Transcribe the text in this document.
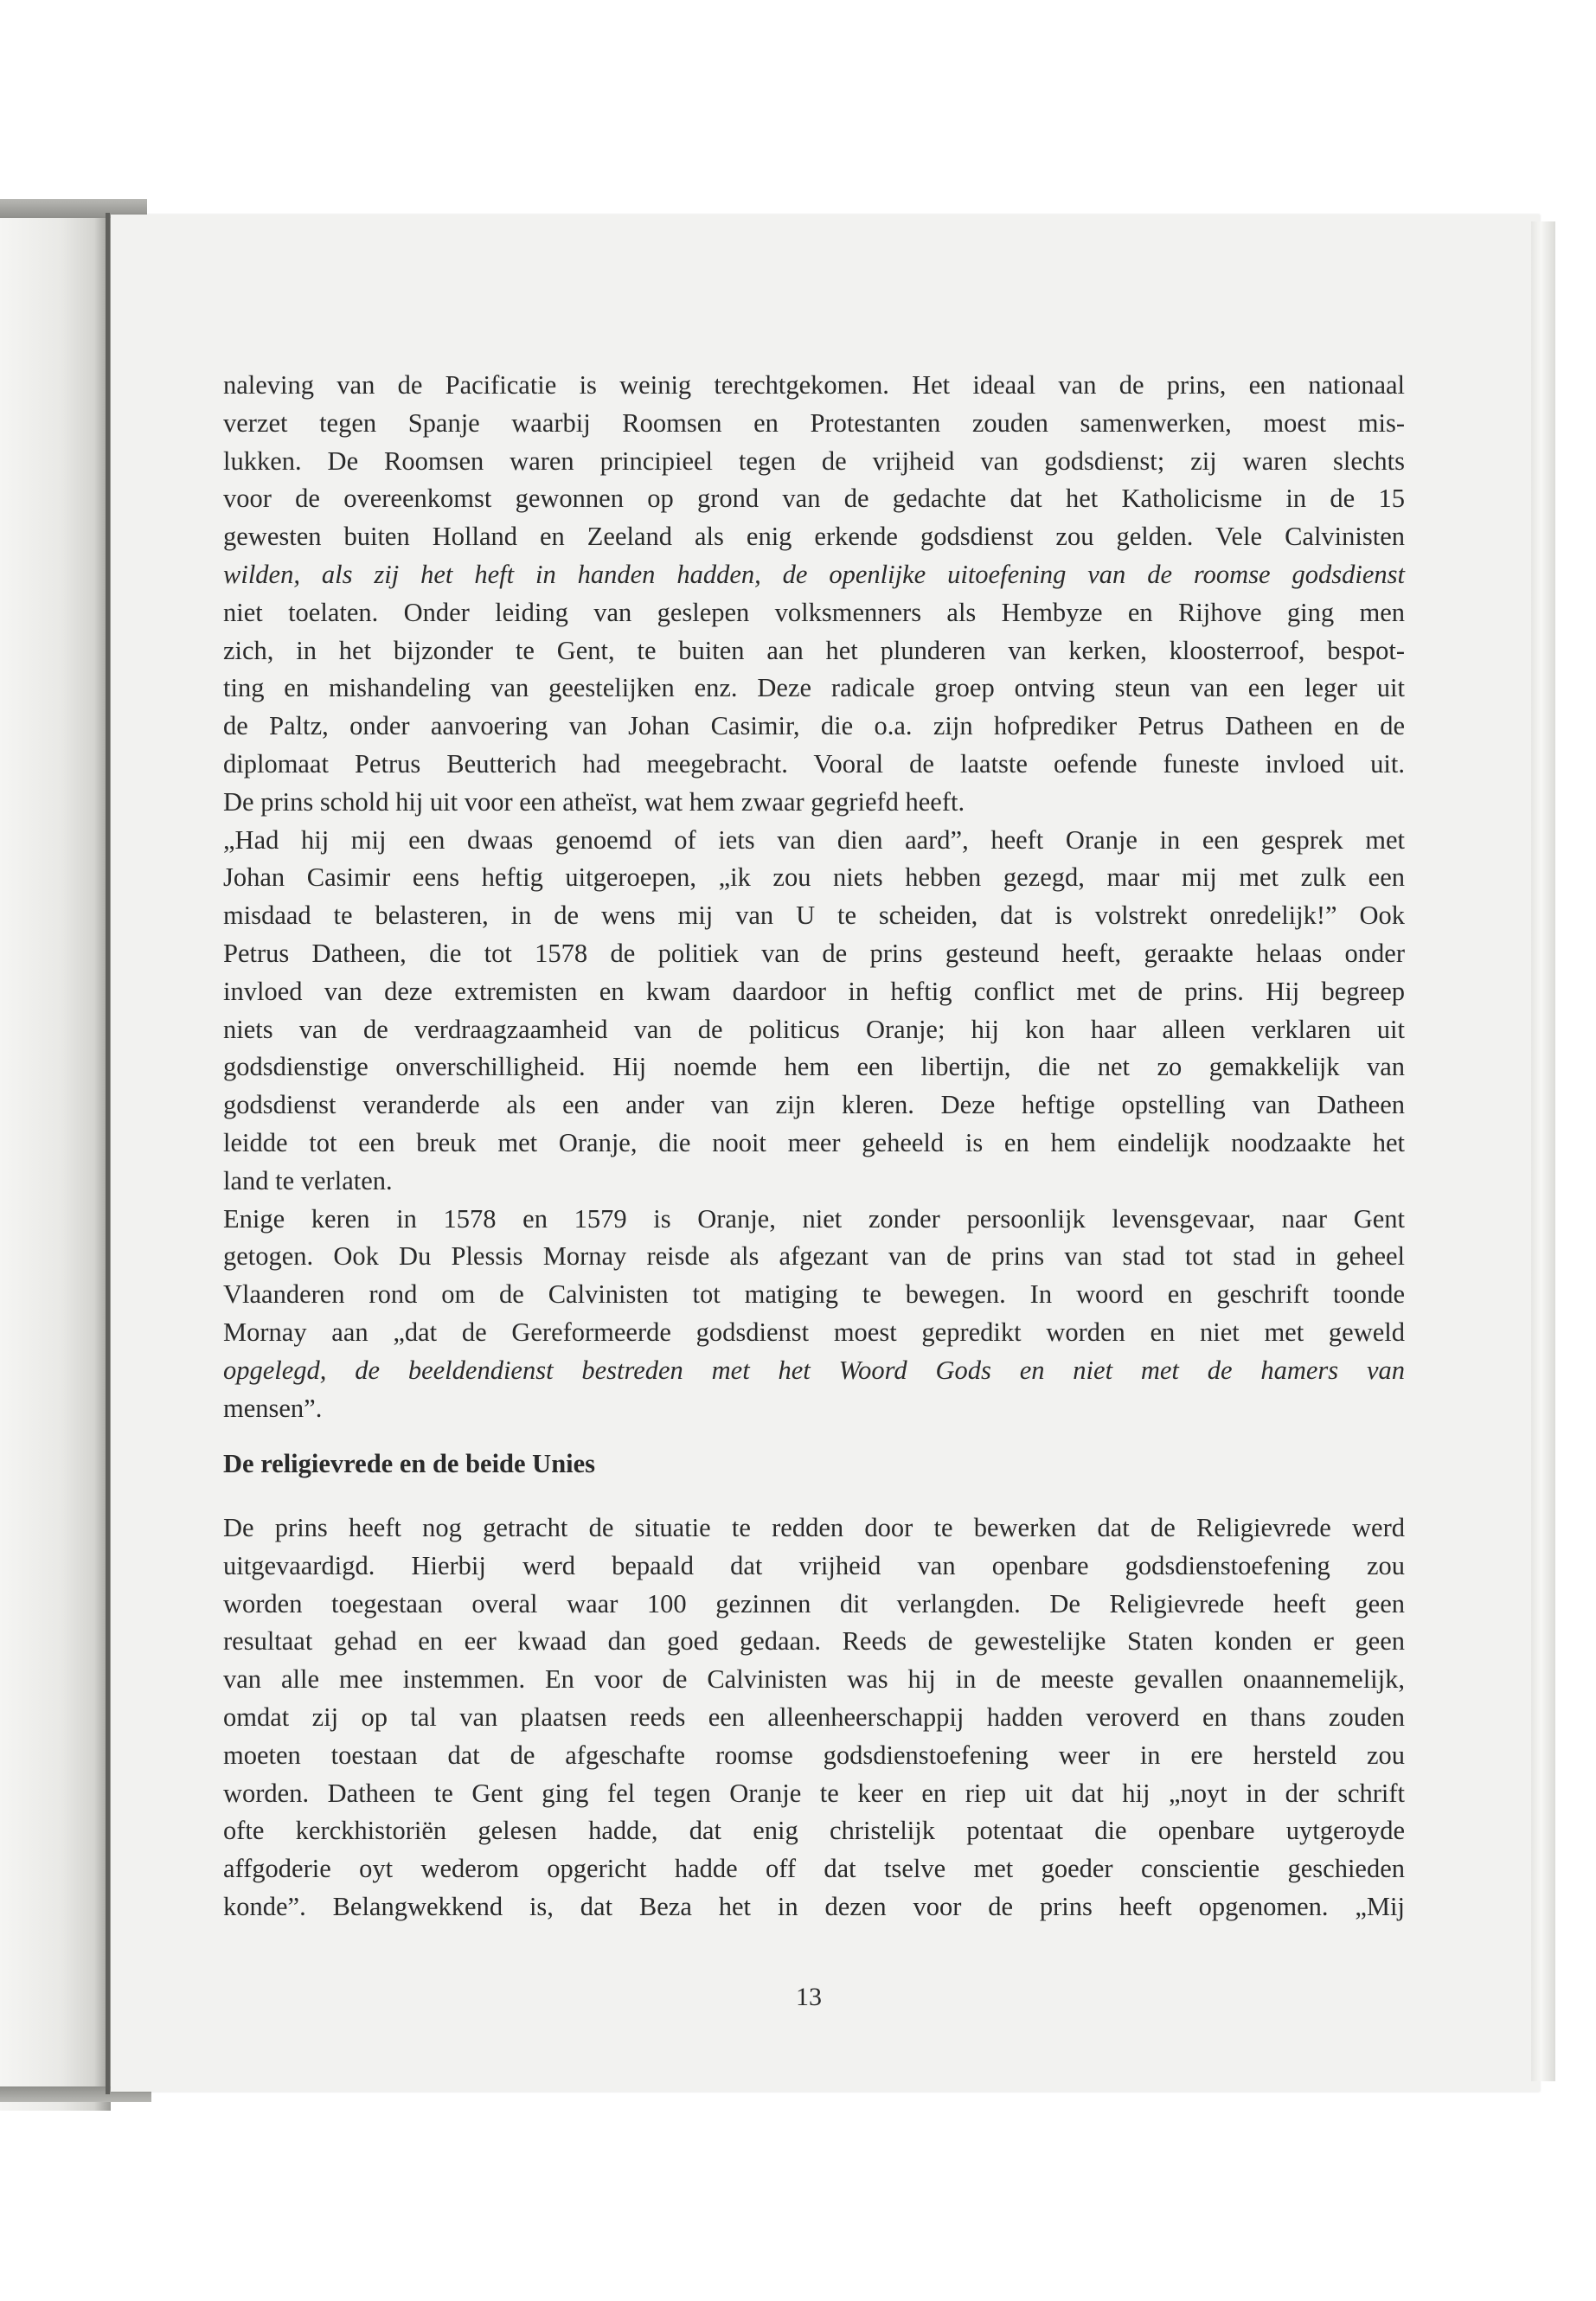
naleving van de Pacificatie is weinig terechtgekomen. Het ideaal van de prins, een nationaal
verzet tegen Spanje waarbij Roomsen en Protestanten zouden samenwerken, moest mis-
lukken. De Roomsen waren principieel tegen de vrijheid van godsdienst; zij waren slechts
voor de overeenkomst gewonnen op grond van de gedachte dat het Katholicisme in de 15
gewesten buiten Holland en Zeeland als enig erkende godsdienst zou gelden. Vele Calvinisten
wilden, als zij het heft in handen hadden, de openlijke uitoefening van de roomse godsdienst
niet toelaten. Onder leiding van geslepen volksmenners als Hembyze en Rijhove ging men
zich, in het bijzonder te Gent, te buiten aan het plunderen van kerken, kloosterroof, bespot-
ting en mishandeling van geestelijken enz. Deze radicale groep ontving steun van een leger uit
de Paltz, onder aanvoering van Johan Casimir, die o.a. zijn hofprediker Petrus Datheen en de
diplomaat Petrus Beutterich had meegebracht. Vooral de laatste oefende funeste invloed uit.
De prins schold hij uit voor een atheïst, wat hem zwaar gegriefd heeft.
„Had hij mij een dwaas genoemd of iets van dien aard”, heeft Oranje in een gesprek met
Johan Casimir eens heftig uitgeroepen, „ik zou niets hebben gezegd, maar mij met zulk een
misdaad te belasteren, in de wens mij van U te scheiden, dat is volstrekt onredelijk!” Ook
Petrus Datheen, die tot 1578 de politiek van de prins gesteund heeft, geraakte helaas onder
invloed van deze extremisten en kwam daardoor in heftig conflict met de prins. Hij begreep
niets van de verdraagzaamheid van de politicus Oranje; hij kon haar alleen verklaren uit
godsdienstige onverschilligheid. Hij noemde hem een libertijn, die net zo gemakkelijk van
godsdienst veranderde als een ander van zijn kleren. Deze heftige opstelling van Datheen
leidde tot een breuk met Oranje, die nooit meer geheeld is en hem eindelijk noodzaakte het
land te verlaten.
Enige keren in 1578 en 1579 is Oranje, niet zonder persoonlijk levensgevaar, naar Gent
getogen. Ook Du Plessis Mornay reisde als afgezant van de prins van stad tot stad in geheel
Vlaanderen rond om de Calvinisten tot matiging te bewegen. In woord en geschrift toonde
Mornay aan „dat de Gereformeerde godsdienst moest gepredikt worden en niet met geweld
opgelegd, de beeldendienst bestreden met het Woord Gods en niet met de hamers van
mensen”.
De religievrede en de beide Unies
De prins heeft nog getracht de situatie te redden door te bewerken dat de Religievrede werd
uitgevaardigd. Hierbij werd bepaald dat vrijheid van openbare godsdienstoefening zou
worden toegestaan overal waar 100 gezinnen dit verlangden. De Religievrede heeft geen
resultaat gehad en eer kwaad dan goed gedaan. Reeds de gewestelijke Staten konden er geen
van alle mee instemmen. En voor de Calvinisten was hij in de meeste gevallen onaannemelijk,
omdat zij op tal van plaatsen reeds een alleenheerschappij hadden veroverd en thans zouden
moeten toestaan dat de afgeschafte roomse godsdienstoefening weer in ere hersteld zou
worden. Datheen te Gent ging fel tegen Oranje te keer en riep uit dat hij „noyt in der schrift
ofte kerckhistoriën gelesen hadde, dat enig christelijk potentaat die openbare uytgeroyde
affgoderie oyt wederom opgericht hadde off dat tselve met goeder conscientie geschieden
konde”. Belangwekkend is, dat Beza het in dezen voor de prins heeft opgenomen. „Mij
13
